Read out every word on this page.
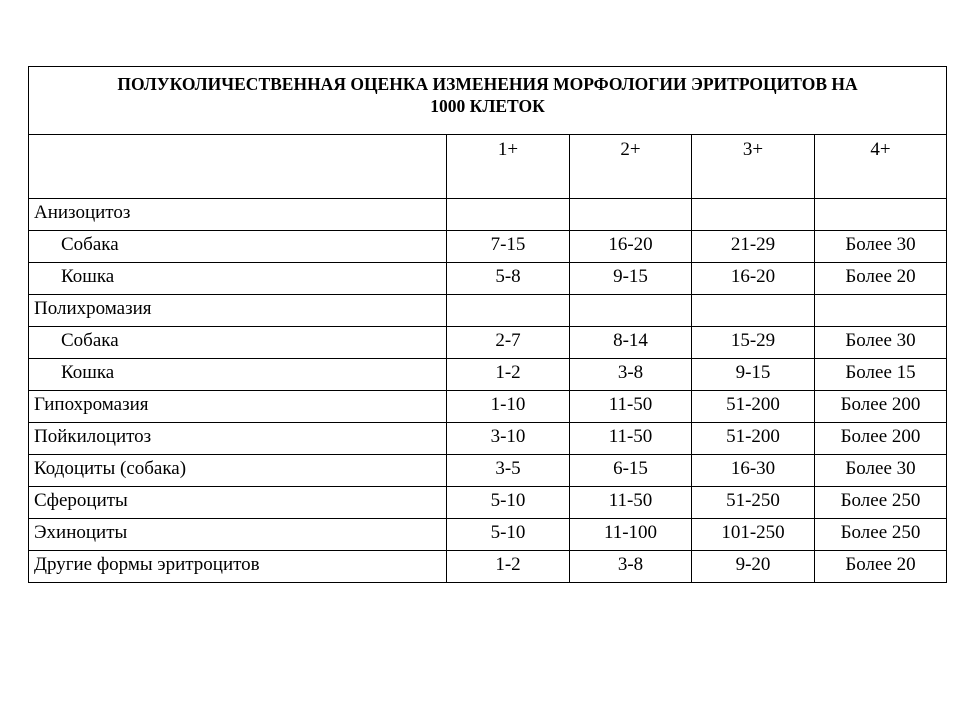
ПОЛУКОЛИЧЕСТВЕННАЯ ОЦЕНКА ИЗМЕНЕНИЯ МОРФОЛОГИИ ЭРИТРОЦИТОВ НА
1000 КЛЕТОК				

	1+	2+	3+	4+
Анизоцитоз				
Собака	7-15	16-20	21-29	Более 30
Кошка	5-8	9-15	16-20	Более 20
Полихромазия				
Собака	2-7	8-14	15-29	Более 30
Кошка	1-2	3-8	9-15	Более 15
Гипохромазия	1-10	11-50	51-200	Более 200
Пойкилоцитоз	3-10	11-50	51-200	Более 200
Кодоциты (собака)	3-5	6-15	16-30	Более 30
Сфероциты	5-10	11-50	51-250	Более 250
Эхиноциты	5-10	11-100	101-250	Более 250
Другие формы эритроцитов	1-2	3-8	9-20	Более 20
